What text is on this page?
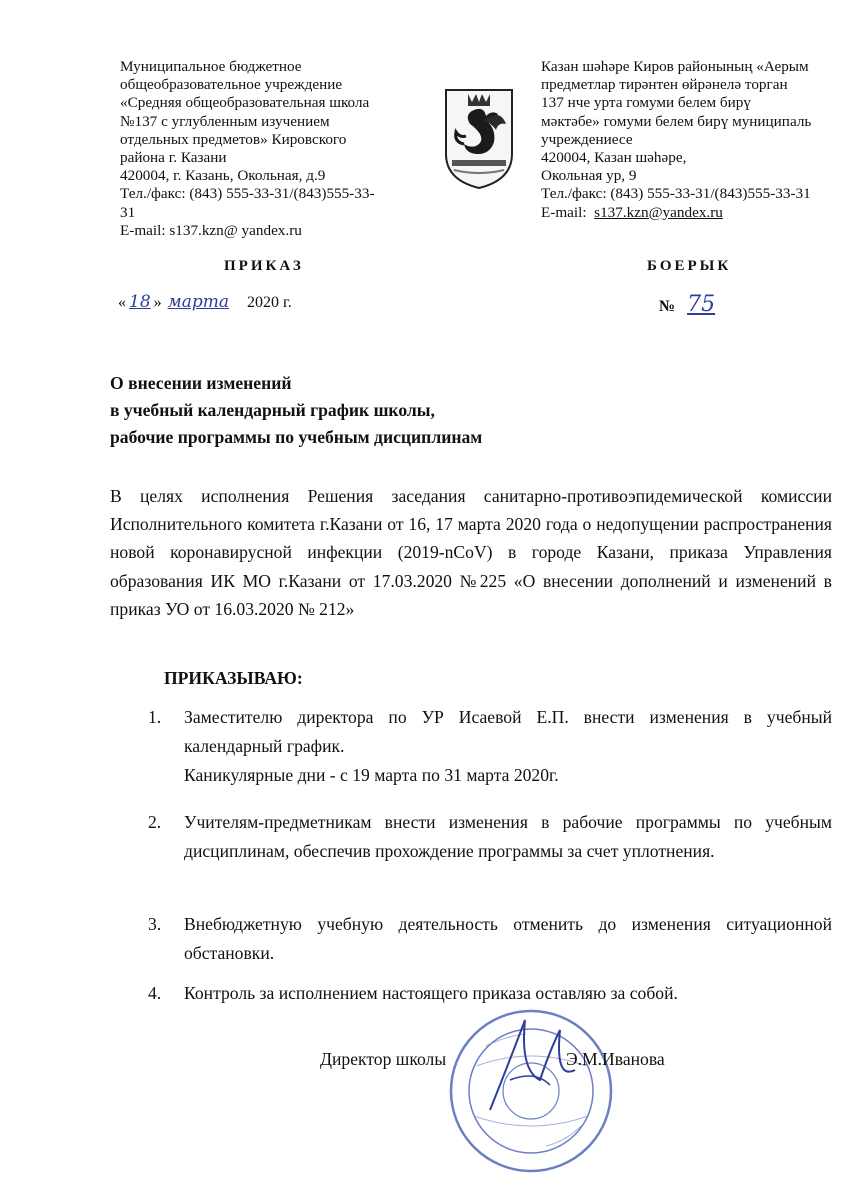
Муниципальное бюджетное
общеобразовательное учреждение
«Средняя общеобразовательная школа
№137 с углубленным изучением
отдельных предметов» Кировского
района г. Казани
420004, г. Казань, Окольная, д.9
Тел./факс: (843) 555-33-31/(843)555-33-
31
E-mail: s137.kzn@ yandex.ru
Казан шәһәре Киров районының «Аерым
предметлар тирәнтен өйрәнелә торган
137 нче урта гомуми белем бирү
мәктәбе» гомуми белем бирү муниципаль
учреждениесе
420004, Казан шәһәре,
Окольная ур, 9
Тел./факс: (843) 555-33-31/(843)555-33-31
E-mail: s137.kzn@yandex.ru
ПРИКАЗ	БОЕРЫК
« 18 » марта 2020 г.	№ 75
О внесении изменений
в учебный календарный график школы,
рабочие программы по учебным дисциплинам
В целях исполнения Решения заседания санитарно-противоэпидемической комиссии Исполнительного комитета г.Казани от 16, 17 марта 2020 года о недопущении распространения новой коронавирусной инфекции (2019-nCoV) в городе Казани, приказа Управления образования ИК МО г.Казани от 17.03.2020 №225 «О внесении дополнений и изменений в приказ УО от 16.03.2020 № 212»
ПРИКАЗЫВАЮ:
1. Заместителю директора по УР Исаевой Е.П. внести изменения в учебный календарный график.
Каникулярные дни - с 19 марта по 31 марта 2020г.
2. Учителям-предметникам внести изменения в рабочие программы по учебным дисциплинам, обеспечив прохождение программы за счет уплотнения.
3. Внебюджетную учебную деятельность отменить до изменения ситуационной обстановки.
4. Контроль за исполнением настоящего приказа оставляю за собой.
Директор школы	Э.М.Иванова
